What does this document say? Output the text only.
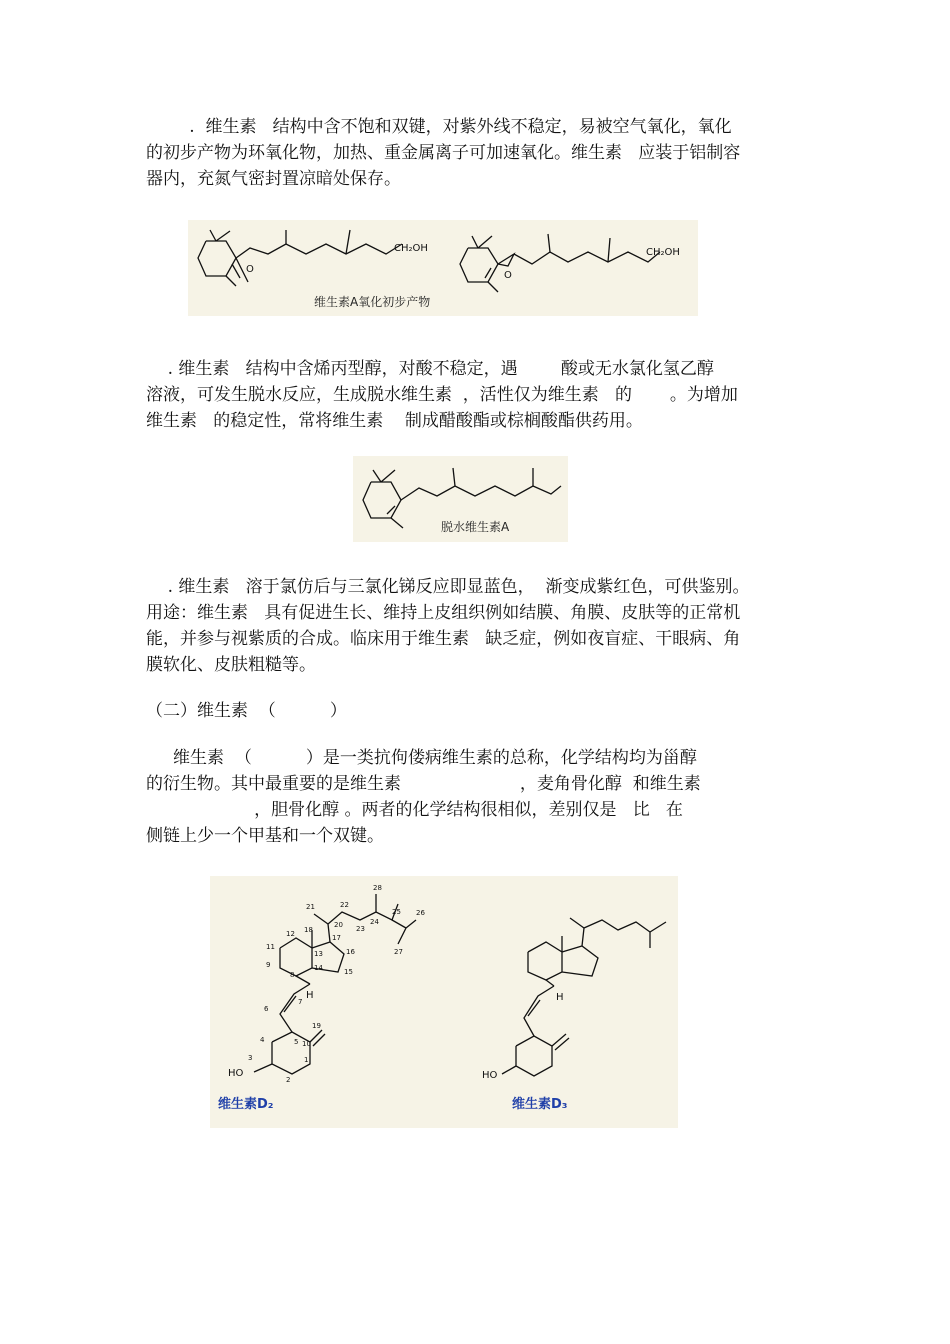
.  维生素   结构中含不饱和双键，对紫外线不稳定，易被空气氧化，氧化
的初步产物为环氧化物，加热、重金属离子可加速氧化。维生素   应装于铝制容
器内，充氮气密封置凉暗处保存。
O
CH₂OH
O
CH₂OH
维生素A氧化初步产物
. 维生素   结构中含烯丙型醇，对酸不稳定，遇        酸或无水氯化氢乙醇
溶液，可发生脱水反应，生成脱水维生素  ，活性仅为维生素   的       。为增加
维生素   的稳定性，常将维生素    制成醋酸酯或棕榈酸酯供药用。
脱水维生素A
. 维生素   溶于氯仿后与三氯化锑反应即显蓝色，  渐变成紫红色，可供鉴别。
用途：维生素   具有促进生长、维持上皮组织例如结膜、角膜、皮肤等的正常机
能，并参与视紫质的合成。临床用于维生素   缺乏症，例如夜盲症、干眼病、角
膜软化、皮肤粗糙等。
（二）维生素  （          ）
维生素  （          ）是一类抗佝偻病维生素的总称，化学结构均为甾醇
的衍生物。其中最重要的是维生素                      ，麦角骨化醇  和维生素
，胆骨化醇 。两者的化学结构很相似，差别仅是   比   在
侧链上少一个甲基和一个双键。
HO
H
28
21	22
24
25 26
18
20 23
17
27
12
13	16
11
9	14	15
8
7
6
19
4	5 10
3	1
2
维生素D₂
HO
H
维生素D₃
